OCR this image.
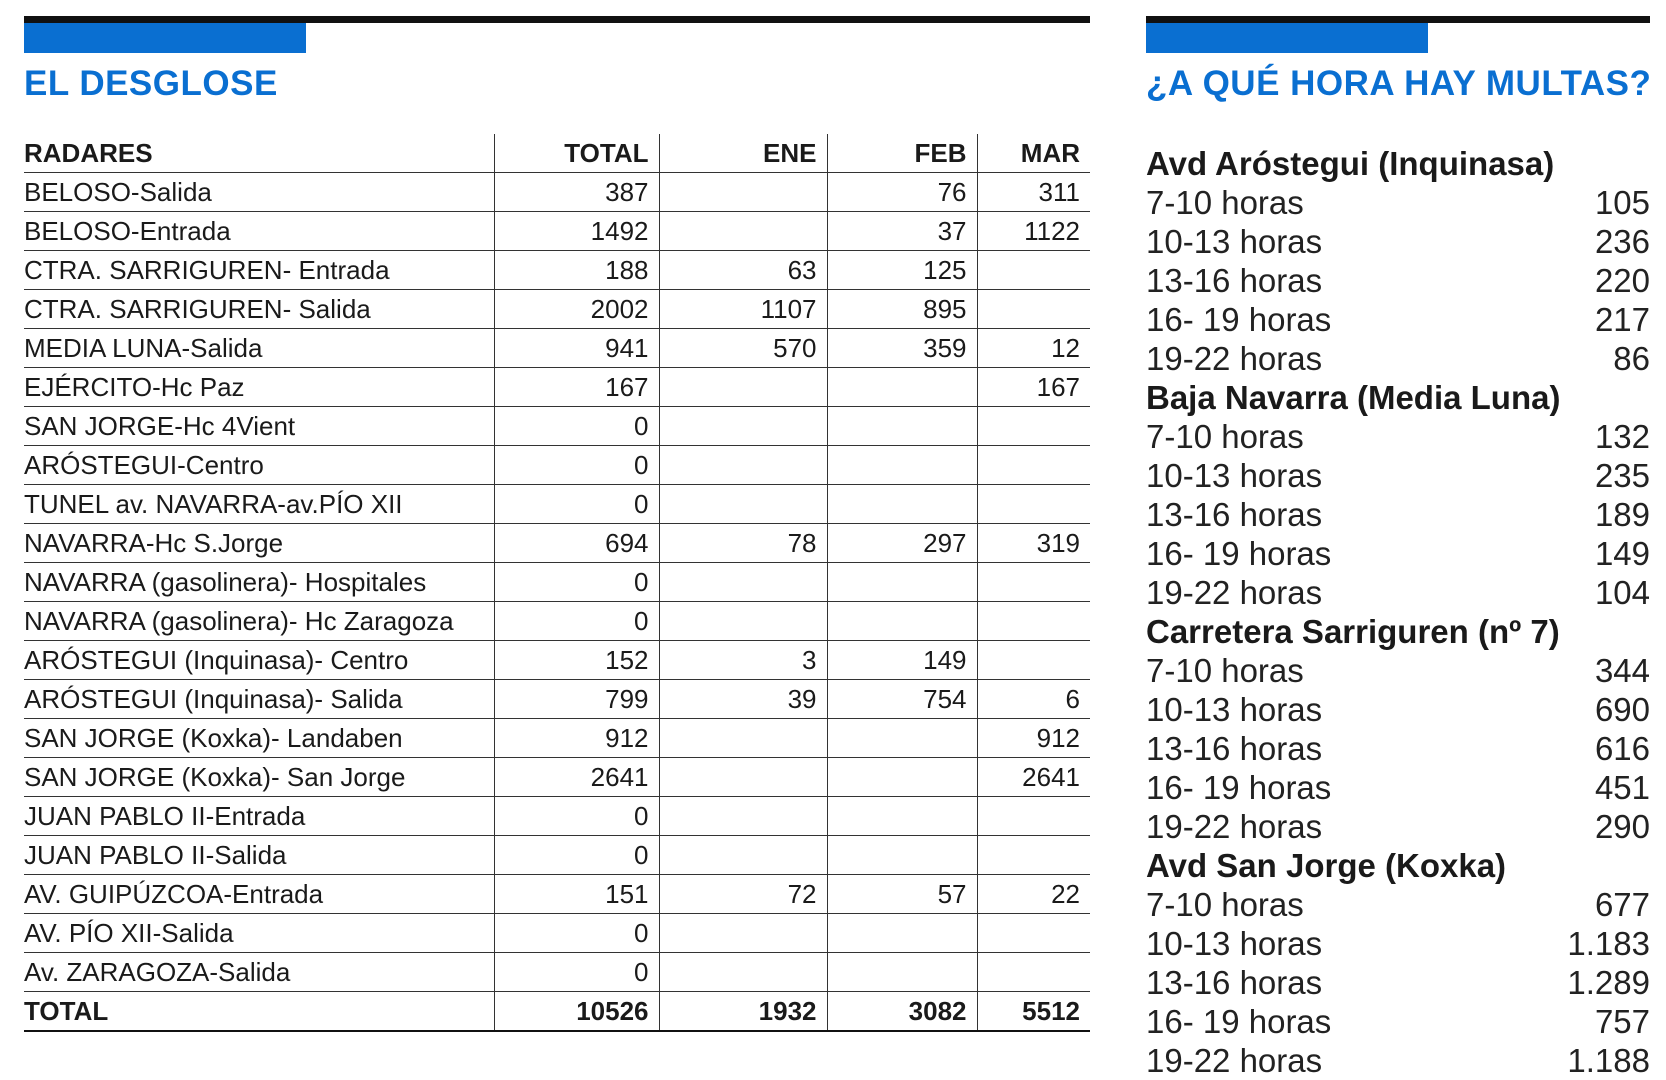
EL DESGLOSE
RADARES	TOTAL	ENE	FEB	MAR
BELOSO-Salida	387		76	311
BELOSO-Entrada	1492		37	1122
CTRA. SARRIGUREN- Entrada	188	63	125	
CTRA. SARRIGUREN- Salida	2002	1107	895	
MEDIA LUNA-Salida	941	570	359	12
EJÉRCITO-Hc Paz	167			167
SAN JORGE-Hc 4Vient	0			
ARÓSTEGUI-Centro	0			
TUNEL av. NAVARRA-av.PÍO XII	0			
NAVARRA-Hc S.Jorge	694	78	297	319
NAVARRA (gasolinera)- Hospitales	0			
NAVARRA (gasolinera)- Hc Zaragoza	0			
ARÓSTEGUI (Inquinasa)- Centro	152	3	149	
ARÓSTEGUI (Inquinasa)- Salida	799	39	754	6
SAN JORGE (Koxka)- Landaben	912			912
SAN JORGE (Koxka)- San Jorge	2641			2641
JUAN PABLO II-Entrada	0			
JUAN PABLO II-Salida	0			
AV. GUIPÚZCOA-Entrada	151	72	57	22
AV. PÍO XII-Salida	0			
Av. ZARAGOZA-Salida	0			
TOTAL	10526	1932	3082	5512
¿A QUÉ HORA HAY MULTAS?
Avd Aróstegui (Inquinasa)
7-10 horas	105
10-13 horas	236
13-16 horas	220
16- 19 horas	217
19-22 horas	86
Baja Navarra (Media Luna)
7-10 horas	132
10-13 horas	235
13-16 horas	189
16- 19 horas	149
19-22 horas	104
Carretera Sarriguren (nº 7)
7-10 horas	344
10-13 horas	690
13-16 horas	616
16- 19 horas	451
19-22 horas	290
Avd San Jorge (Koxka)
7-10 horas	677
10-13 horas	1.183
13-16 horas	1.289
16- 19 horas	757
19-22 horas	1.188
